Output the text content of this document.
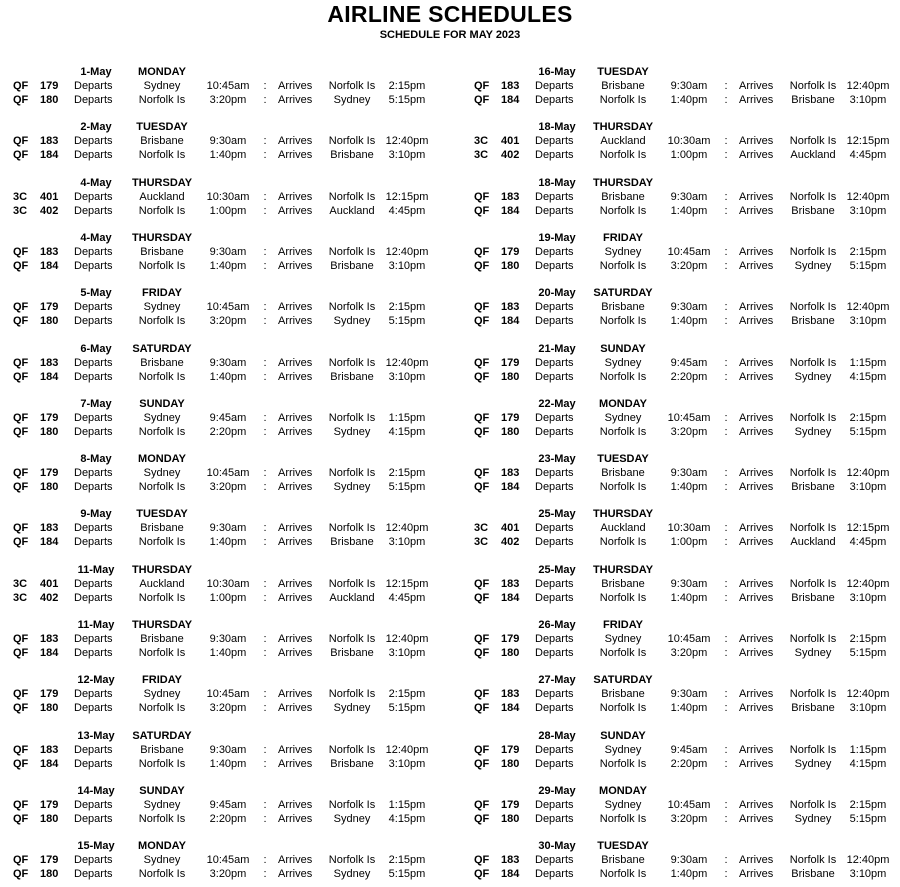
AIRLINE SCHEDULES
SCHEDULE FOR MAY 2023
1-May	MONDAY
QF	179	Departs	Sydney	10:45am	: Arrives	Norfolk Is	2:15pm
QF	180	Departs	Norfolk Is	3:20pm	: Arrives	Sydney	5:15pm
2-May	TUESDAY
QF	183	Departs	Brisbane	9:30am	: Arrives	Norfolk Is 12:40pm
QF	184	Departs	Norfolk Is	1:40pm	: Arrives	Brisbane	3:10pm
4-May	THURSDAY
3C	401	Departs	Auckland	10:30am	: Arrives	Norfolk Is 12:15pm
3C	402	Departs	Norfolk Is	1:00pm	: Arrives	Auckland	4:45pm
4-May	THURSDAY
QF	183	Departs	Brisbane	9:30am	: Arrives	Norfolk Is 12:40pm
QF	184	Departs	Norfolk Is	1:40pm	: Arrives	Brisbane	3:10pm
5-May	FRIDAY
QF	179	Departs	Sydney	10:45am	: Arrives	Norfolk Is	2:15pm
QF	180	Departs	Norfolk Is	3:20pm	: Arrives	Sydney	5:15pm
6-May	SATURDAY
QF	183	Departs	Brisbane	9:30am	: Arrives	Norfolk Is 12:40pm
QF	184	Departs	Norfolk Is	1:40pm	: Arrives	Brisbane	3:10pm
7-May	SUNDAY
QF	179	Departs	Sydney	9:45am	: Arrives	Norfolk Is	1:15pm
QF	180	Departs	Norfolk Is	2:20pm	: Arrives	Sydney	4:15pm
8-May	MONDAY
QF	179	Departs	Sydney	10:45am	: Arrives	Norfolk Is	2:15pm
QF	180	Departs	Norfolk Is	3:20pm	: Arrives	Sydney	5:15pm
9-May	TUESDAY
QF	183	Departs	Brisbane	9:30am	: Arrives	Norfolk Is 12:40pm
QF	184	Departs	Norfolk Is	1:40pm	: Arrives	Brisbane	3:10pm
11-May	THURSDAY
3C	401	Departs	Auckland	10:30am	: Arrives	Norfolk Is 12:15pm
3C	402	Departs	Norfolk Is	1:00pm	: Arrives	Auckland	4:45pm
11-May	THURSDAY
QF	183	Departs	Brisbane	9:30am	: Arrives	Norfolk Is 12:40pm
QF	184	Departs	Norfolk Is	1:40pm	: Arrives	Brisbane	3:10pm
12-May	FRIDAY
QF	179	Departs	Sydney	10:45am	: Arrives	Norfolk Is	2:15pm
QF	180	Departs	Norfolk Is	3:20pm	: Arrives	Sydney	5:15pm
13-May	SATURDAY
QF	183	Departs	Brisbane	9:30am	: Arrives	Norfolk Is 12:40pm
QF	184	Departs	Norfolk Is	1:40pm	: Arrives	Brisbane	3:10pm
14-May	SUNDAY
QF	179	Departs	Sydney	9:45am	: Arrives	Norfolk Is	1:15pm
QF	180	Departs	Norfolk Is	2:20pm	: Arrives	Sydney	4:15pm
15-May	MONDAY
QF	179	Departs	Sydney	10:45am	: Arrives	Norfolk Is	2:15pm
QF	180	Departs	Norfolk Is	3:20pm	: Arrives	Sydney	5:15pm
16-May	TUESDAY
QF	183	Departs	Brisbane	9:30am	: Arrives	Norfolk Is 12:40pm
QF	184	Departs	Norfolk Is	1:40pm	: Arrives	Brisbane	3:10pm
18-May	THURSDAY
3C	401	Departs	Auckland	10:30am	: Arrives	Norfolk Is 12:15pm
3C	402	Departs	Norfolk Is	1:00pm	: Arrives	Auckland	4:45pm
18-May	THURSDAY
QF	183	Departs	Brisbane	9:30am	: Arrives	Norfolk Is 12:40pm
QF	184	Departs	Norfolk Is	1:40pm	: Arrives	Brisbane	3:10pm
19-May	FRIDAY
QF	179	Departs	Sydney	10:45am	: Arrives	Norfolk Is	2:15pm
QF	180	Departs	Norfolk Is	3:20pm	: Arrives	Sydney	5:15pm
20-May	SATURDAY
QF	183	Departs	Brisbane	9:30am	: Arrives	Norfolk Is 12:40pm
QF	184	Departs	Norfolk Is	1:40pm	: Arrives	Brisbane	3:10pm
21-May	SUNDAY
QF	179	Departs	Sydney	9:45am	: Arrives	Norfolk Is	1:15pm
QF	180	Departs	Norfolk Is	2:20pm	: Arrives	Sydney	4:15pm
22-May	MONDAY
QF	179	Departs	Sydney	10:45am	: Arrives	Norfolk Is	2:15pm
QF	180	Departs	Norfolk Is	3:20pm	: Arrives	Sydney	5:15pm
23-May	TUESDAY
QF	183	Departs	Brisbane	9:30am	: Arrives	Norfolk Is 12:40pm
QF	184	Departs	Norfolk Is	1:40pm	: Arrives	Brisbane	3:10pm
25-May	THURSDAY
3C	401	Departs	Auckland	10:30am	: Arrives	Norfolk Is 12:15pm
3C	402	Departs	Norfolk Is	1:00pm	: Arrives	Auckland	4:45pm
25-May	THURSDAY
QF	183	Departs	Brisbane	9:30am	: Arrives	Norfolk Is 12:40pm
QF	184	Departs	Norfolk Is	1:40pm	: Arrives	Brisbane	3:10pm
26-May	FRIDAY
QF	179	Departs	Sydney	10:45am	: Arrives	Norfolk Is	2:15pm
QF	180	Departs	Norfolk Is	3:20pm	: Arrives	Sydney	5:15pm
27-May	SATURDAY
QF	183	Departs	Brisbane	9:30am	: Arrives	Norfolk Is 12:40pm
QF	184	Departs	Norfolk Is	1:40pm	: Arrives	Brisbane	3:10pm
28-May	SUNDAY
QF	179	Departs	Sydney	9:45am	: Arrives	Norfolk Is	1:15pm
QF	180	Departs	Norfolk Is	2:20pm	: Arrives	Sydney	4:15pm
29-May	MONDAY
QF	179	Departs	Sydney	10:45am	: Arrives	Norfolk Is	2:15pm
QF	180	Departs	Norfolk Is	3:20pm	: Arrives	Sydney	5:15pm
30-May	TUESDAY
QF	183	Departs	Brisbane	9:30am	: Arrives	Norfolk Is 12:40pm
QF	184	Departs	Norfolk Is	1:40pm	: Arrives	Brisbane	3:10pm
